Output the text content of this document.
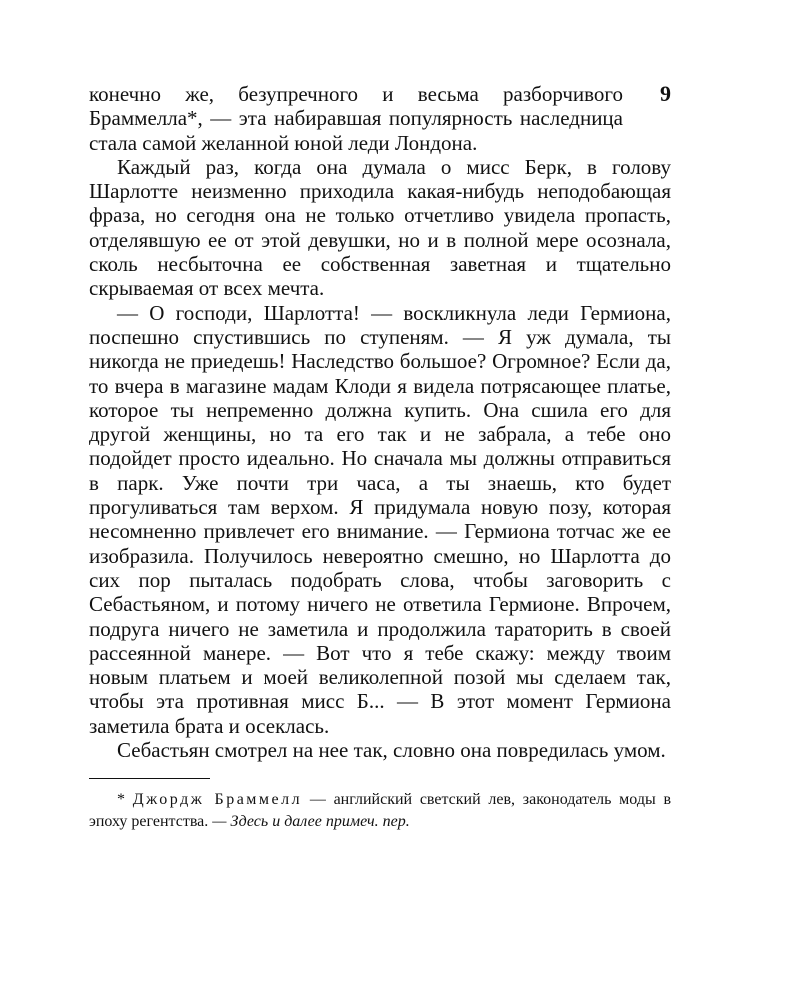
9

конечно же, безупречного и весьма разборчивого Браммелла*, — эта набиравшая популярность наследница стала самой желанной юной леди Лондона.

Каждый раз, когда она думала о мисс Берк, в голову Шарлотте неизменно приходила какая-нибудь неподобающая фраза, но сегодня она не только отчетливо увидела пропасть, отделявшую ее от этой девушки, но и в полной мере осознала, сколь несбыточна ее собственная заветная и тщательно скрываемая от всех мечта.

— О господи, Шарлотта! — воскликнула леди Гермиона, поспешно спустившись по ступеням. — Я уж думала, ты никогда не приедешь! Наследство большое? Огромное? Если да, то вчера в магазине мадам Клоди я видела потрясающее платье, которое ты непременно должна купить. Она сшила его для другой женщины, но та его так и не забрала, а тебе оно подойдет просто идеально. Но сначала мы должны отправиться в парк. Уже почти три часа, а ты знаешь, кто будет прогуливаться там верхом. Я придумала новую позу, которая несомненно привлечет его внимание. — Гермиона тотчас же ее изобразила. Получилось невероятно смешно, но Шарлотта до сих пор пыталась подобрать слова, чтобы заговорить с Себастьяном, и потому ничего не ответила Гермионе. Впрочем, подруга ничего не заметила и продолжила тараторить в своей рассеянной манере. — Вот что я тебе скажу: между твоим новым платьем и моей великолепной позой мы сделаем так, чтобы эта противная мисс Б... — В этот момент Гермиона заметила брата и осеклась.

Себастьян смотрел на нее так, словно она повредилась умом.

* Джордж Браммелл — английский светский лев, законодатель моды в эпоху регентства. — Здесь и далее примеч. пер.
